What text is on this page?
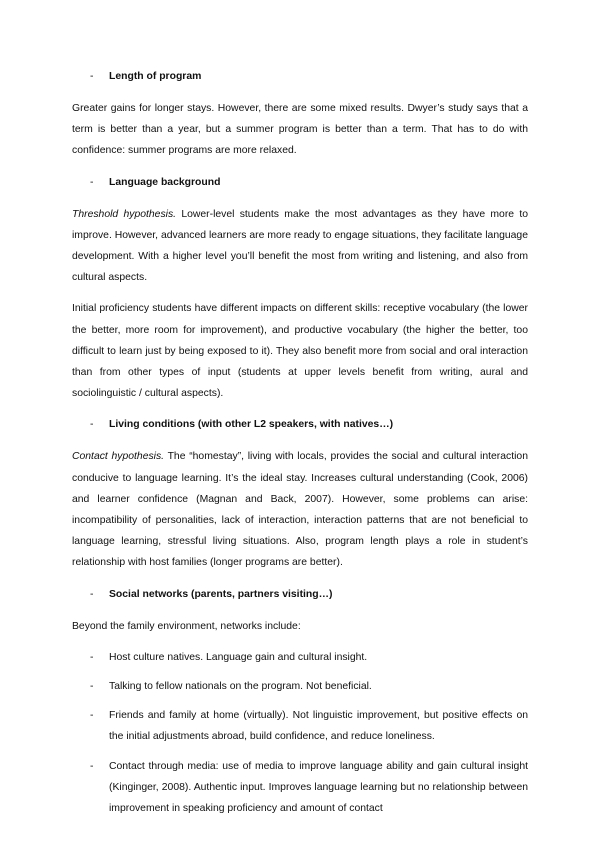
-	Length of program

Greater gains for longer stays. However, there are some mixed results. Dwyer’s study says that a term is better than a year, but a summer program is better than a term. That has to do with confidence: summer programs are more relaxed.

-	Language background

Threshold hypothesis. Lower-level students make the most advantages as they have more to improve. However, advanced learners are more ready to engage situations, they facilitate language development. With a higher level you’ll benefit the most from writing and listening, and also from cultural aspects.

Initial proficiency students have different impacts on different skills: receptive vocabulary (the lower the better, more room for improvement), and productive vocabulary (the higher the better, too difficult to learn just by being exposed to it). They also benefit more from social and oral interaction than from other types of input (students at upper levels benefit from writing, aural and sociolinguistic / cultural aspects).

-	Living conditions (with other L2 speakers, with natives…)

Contact hypothesis. The “homestay”, living with locals, provides the social and cultural interaction conducive to language learning. It’s the ideal stay. Increases cultural understanding (Cook, 2006) and learner confidence (Magnan and Back, 2007). However, some problems can arise: incompatibility of personalities, lack of interaction, interaction patterns that are not beneficial to language learning, stressful living situations. Also, program length plays a role in student’s relationship with host families (longer programs are better).

-	Social networks (parents, partners visiting…)

Beyond the family environment, networks include:

-	Host culture natives. Language gain and cultural insight.
-	Talking to fellow nationals on the program. Not beneficial.
-	Friends and family at home (virtually). Not linguistic improvement, but positive effects on the initial adjustments abroad, build confidence, and reduce loneliness.
-	Contact through media: use of media to improve language ability and gain cultural insight (Kinginger, 2008). Authentic input. Improves language learning but no relationship between improvement in speaking proficiency and amount of contact
